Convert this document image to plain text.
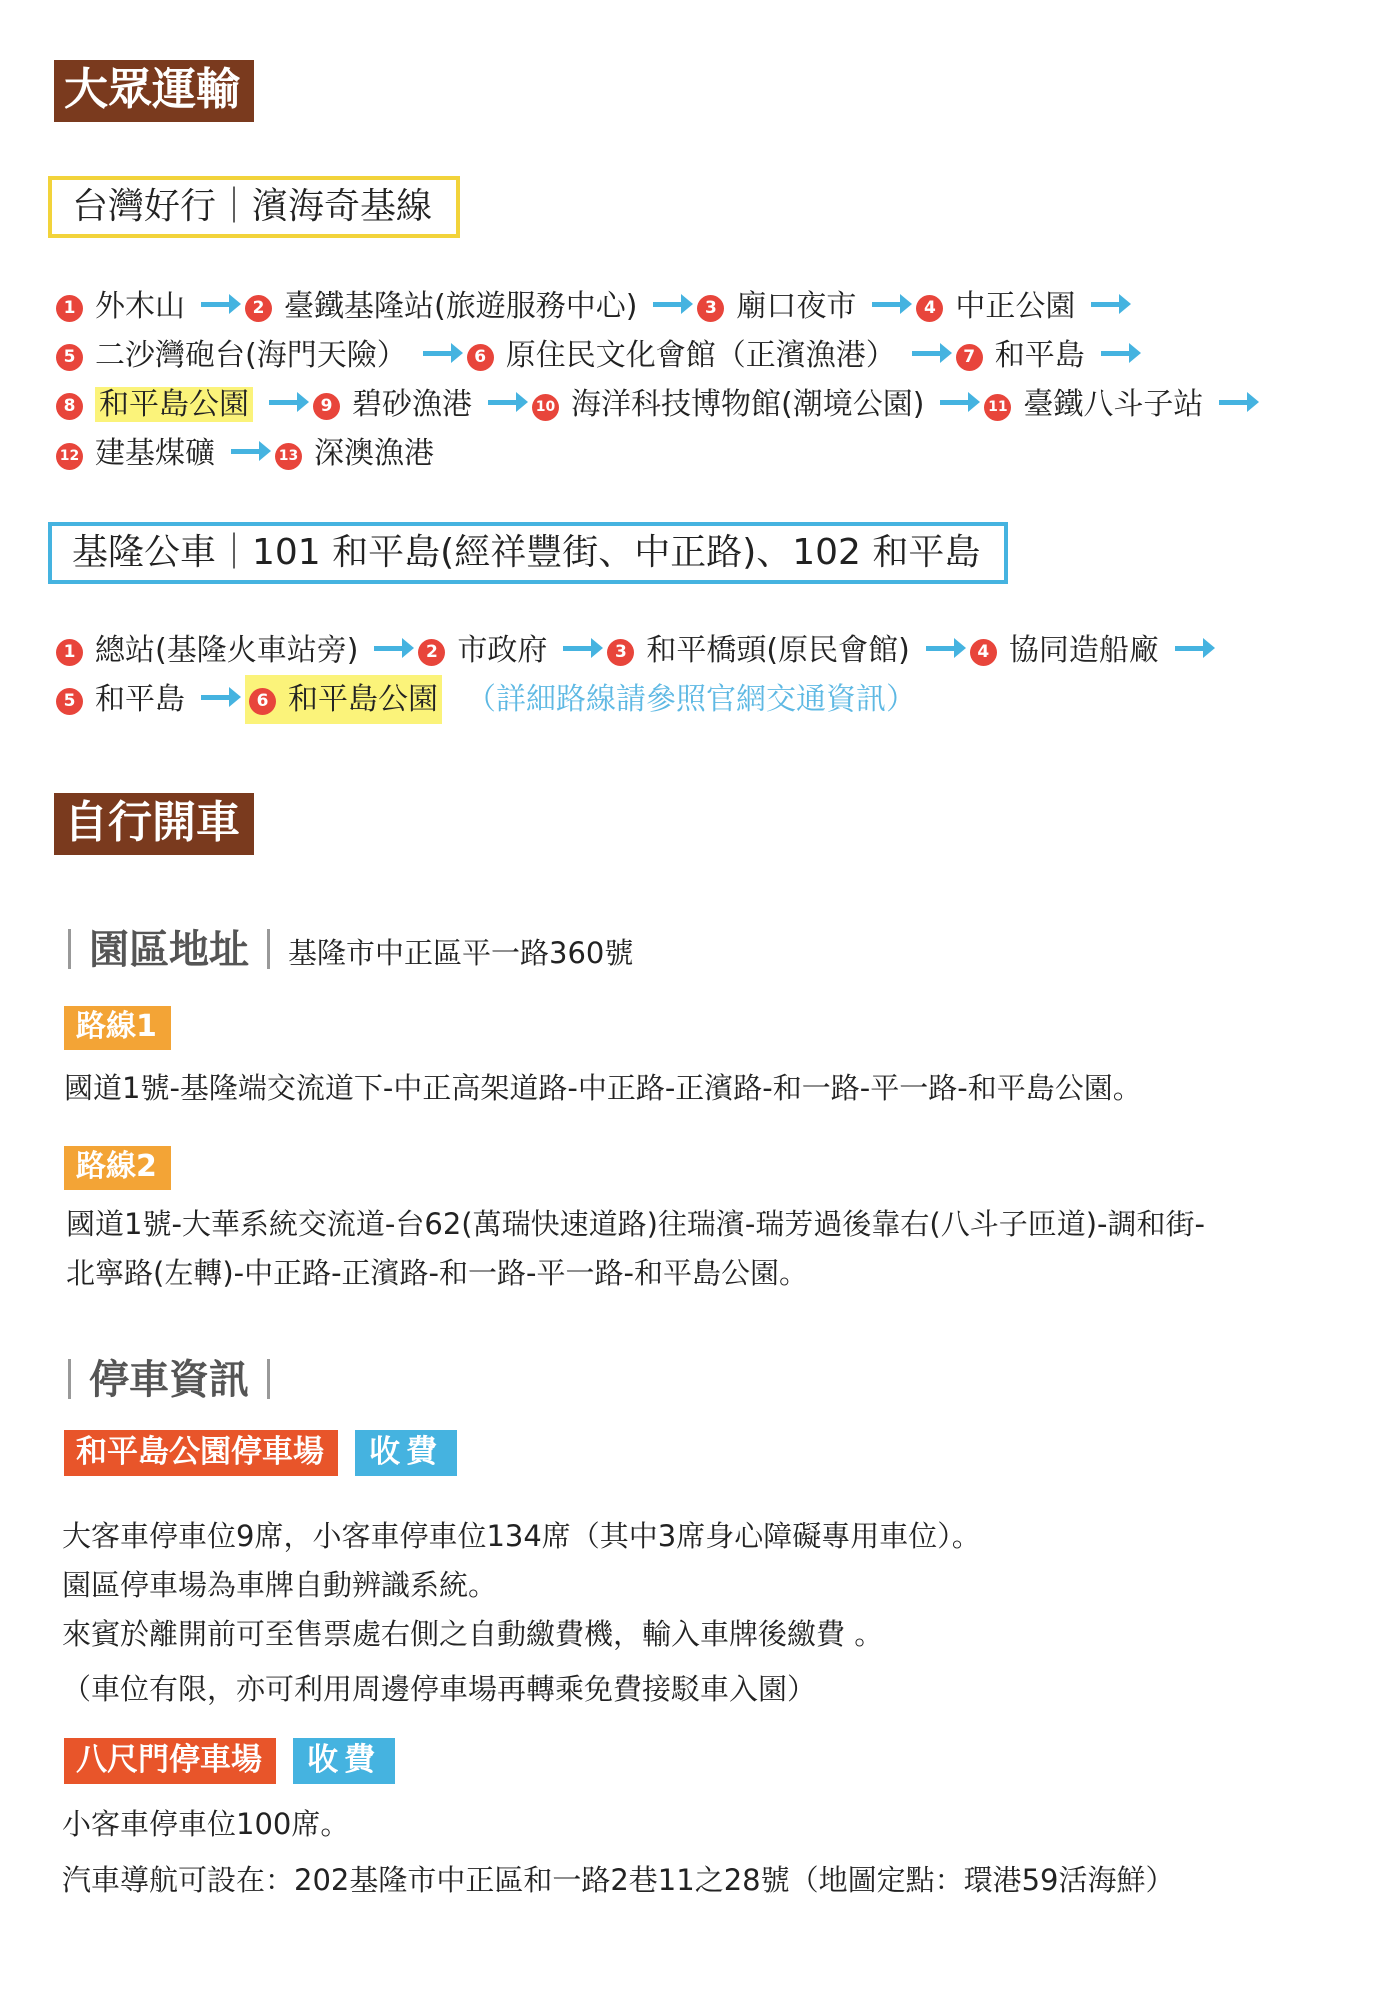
大眾運輸
台灣好行｜濱海奇基線
1 外木山	2 臺鐵基隆站(旅遊服務中心)	3 廟口夜市	4 中正公園
5 二沙灣砲台(海門天險）	6 原住民文化會館（正濱漁港）	7 和平島
8 和平島公園	9 碧砂漁港	10 海洋科技博物館(潮境公園)	11 臺鐵八斗子站
12 建基煤礦	13 深澳漁港
基隆公車｜101 和平島(經祥豐街、中正路)、102 和平島
1 總站(基隆火車站旁)	2 市政府	3 和平橋頭(原民會館)	4 協同造船廠
5 和平島	6 和平島公園 （詳細路線請參照官網交通資訊）
自行開車
園區地址 基隆市中正區平一路360號
路線1
國道1號-基隆端交流道下-中正高架道路-中正路-正濱路-和一路-平一路-和平島公園。
路線2
國道1號-大華系統交流道-台62(萬瑞快速道路)往瑞濱-瑞芳過後靠右(八斗子匝道)-調和街-
北寧路(左轉)-中正路-正濱路-和一路-平一路-和平島公園。
停車資訊
和平島公園停車場 收費
大客車停車位9席，小客車停車位134席（其中3席身心障礙專用車位）。
園區停車場為車牌自動辨識系統。
來賓於離開前可至售票處右側之自動繳費機，輸入車牌後繳費 。
（車位有限，亦可利用周邊停車場再轉乘免費接駁車入園）
八尺門停車場 收費
小客車停車位100席。
汽車導航可設在：202基隆市中正區和一路2巷11之28號（地圖定點：環港59活海鮮）
